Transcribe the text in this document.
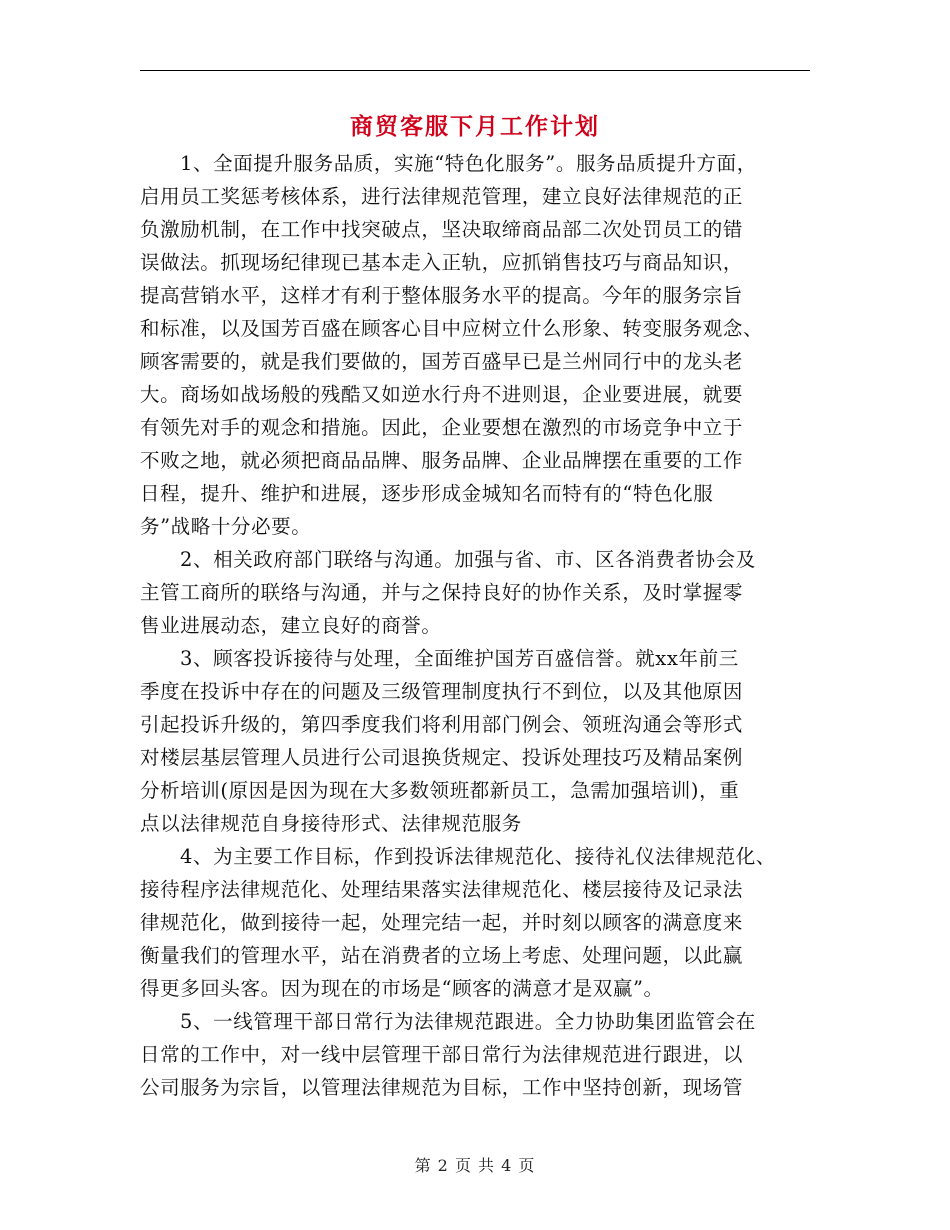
商贸客服下月工作计划
1、全面提升服务品质，实施“特色化服务”。服务品质提升方面，
启用员工奖惩考核体系，进行法律规范管理，建立良好法律规范的正
负激励机制，在工作中找突破点，坚决取缔商品部二次处罚员工的错
误做法。抓现场纪律现已基本走入正轨，应抓销售技巧与商品知识，
提高营销水平，这样才有利于整体服务水平的提高。今年的服务宗旨
和标准，以及国芳百盛在顾客心目中应树立什么形象、转变服务观念、
顾客需要的，就是我们要做的，国芳百盛早已是兰州同行中的龙头老
大。商场如战场般的残酷又如逆水行舟不进则退，企业要进展，就要
有领先对手的观念和措施。因此，企业要想在激烈的市场竞争中立于
不败之地，就必须把商品品牌、服务品牌、企业品牌摆在重要的工作
日程，提升、维护和进展，逐步形成金城知名而特有的“特色化服
务”战略十分必要。
2、相关政府部门联络与沟通。加强与省、市、区各消费者协会及
主管工商所的联络与沟通，并与之保持良好的协作关系，及时掌握零
售业进展动态，建立良好的商誉。
3、顾客投诉接待与处理，全面维护国芳百盛信誉。就xx年前三
季度在投诉中存在的问题及三级管理制度执行不到位，以及其他原因
引起投诉升级的，第四季度我们将利用部门例会、领班沟通会等形式
对楼层基层管理人员进行公司退换货规定、投诉处理技巧及精品案例
分析培训(原因是因为现在大多数领班都新员工，急需加强培训)，重
点以法律规范自身接待形式、法律规范服务
4、为主要工作目标，作到投诉法律规范化、接待礼仪法律规范化、
接待程序法律规范化、处理结果落实法律规范化、楼层接待及记录法
律规范化，做到接待一起，处理完结一起，并时刻以顾客的满意度来
衡量我们的管理水平，站在消费者的立场上考虑、处理问题，以此赢
得更多回头客。因为现在的市场是“顾客的满意才是双赢”。
5、一线管理干部日常行为法律规范跟进。全力协助集团监管会在
日常的工作中，对一线中层管理干部日常行为法律规范进行跟进，以
公司服务为宗旨，以管理法律规范为目标，工作中坚持创新，现场管
第 2 页 共 4 页
